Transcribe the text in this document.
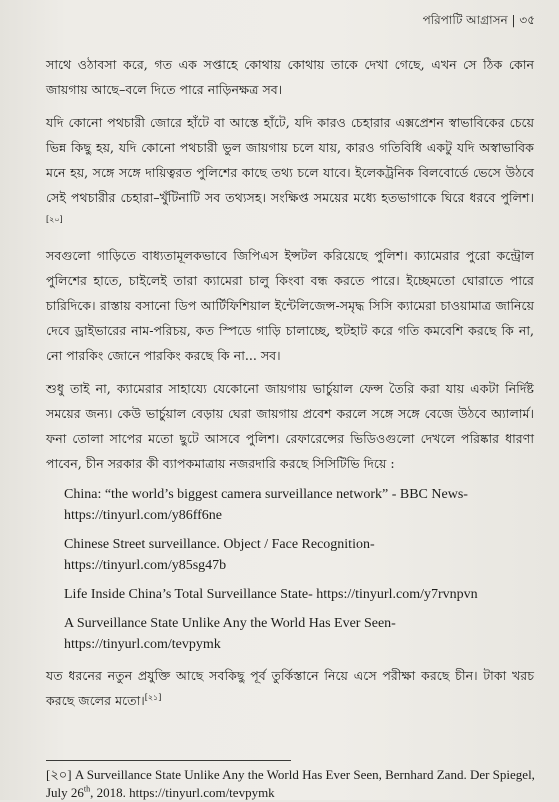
পরিপাটি আগ্রাসন | ৩৫

সাথে ওঠাবসা করে, গত এক সপ্তাহে কোথায় কোথায় তাকে দেখা গেছে, এখন সে ঠিক কোন জায়গায় আছে–বলে দিতে পারে নাড়িনক্ষত্র সব।

যদি কোনো পথচারী জোরে হাঁটে বা আস্তে হাঁটে, যদি কারও চেহারার এক্সপ্রেশন স্বাভাবিকের চেয়ে ভিন্ন কিছু হয়, যদি কোনো পথচারী ভুল জায়গায় চলে যায়, কারও গতিবিধি একটু যদি অস্বাভাবিক মনে হয়, সঙ্গে সঙ্গে দায়িত্বরত পুলিশের কাছে তথ্য চলে যাবে। ইলেকট্রনিক বিলবোর্ডে ভেসে উঠবে সেই পথচারীর চেহারা–খুঁটিনাটি সব তথ্যসহ। সংক্ষিপ্ত সময়ের মধ্যে হতভাগাকে ঘিরে ধরবে পুলিশ।[২০]

সবগুলো গাড়িতে বাধ্যতামূলকভাবে জিপিএস ইন্সটল করিয়েছে পুলিশ। ক্যামেরার পুরো কন্ট্রোল পুলিশের হাতে, চাইলেই তারা ক্যামেরা চালু কিংবা বন্ধ করতে পারে। ইচ্ছেমতো ঘোরাতে পারে চারিদিকে। রাস্তায় বসানো ডিপ আর্টিফিশিয়াল ইন্টেলিজেন্স-সমৃদ্ধ সিসি ক্যামেরা চাওয়ামাত্র জানিয়ে দেবে ড্রাইভারের নাম-পরিচয়, কত স্পিডে গাড়ি চালাচ্ছে, হুটহাট করে গতি কমবেশি করছে কি না, নো পারকিং জোনে পারকিং করছে কি না... সব।

শুধু তাই না, ক্যামেরার সাহায্যে যেকোনো জায়গায় ভার্চুয়াল ফেন্স তৈরি করা যায় একটা নির্দিষ্ট সময়ের জন্য। কেউ ভার্চুয়াল বেড়ায় ঘেরা জায়গায় প্রবেশ করলে সঙ্গে সঙ্গে বেজে উঠবে অ্যালার্ম। ফনা তোলা সাপের মতো ছুটে আসবে পুলিশ। রেফারেন্সের ভিডিওগুলো দেখলে পরিষ্কার ধারণা পাবেন, চীন সরকার কী ব্যাপকমাত্রায় নজরদারি করছে সিসিটিভি দিয়ে :

China: “the world’s biggest camera surveillance network” - BBC News- https://tinyurl.com/y86ff6ne
Chinese Street surveillance. Object / Face Recognition-https://tinyurl.com/y85sg47b
Life Inside China’s Total Surveillance State- https://tinyurl.com/y7rvnpvn
A Surveillance State Unlike Any the World Has Ever Seen-https://tinyurl.com/tevpymk

যত ধরনের নতুন প্রযুক্তি আছে সবকিছু পূর্ব তুর্কিস্তানে নিয়ে এসে পরীক্ষা করছে চীন। টাকা খরচ করছে জলের মতো।[২১]

[২০] A Surveillance State Unlike Any the World Has Ever Seen, Bernhard Zand. Der Spiegel, July 26th, 2018. https://tinyurl.com/tevpymk
